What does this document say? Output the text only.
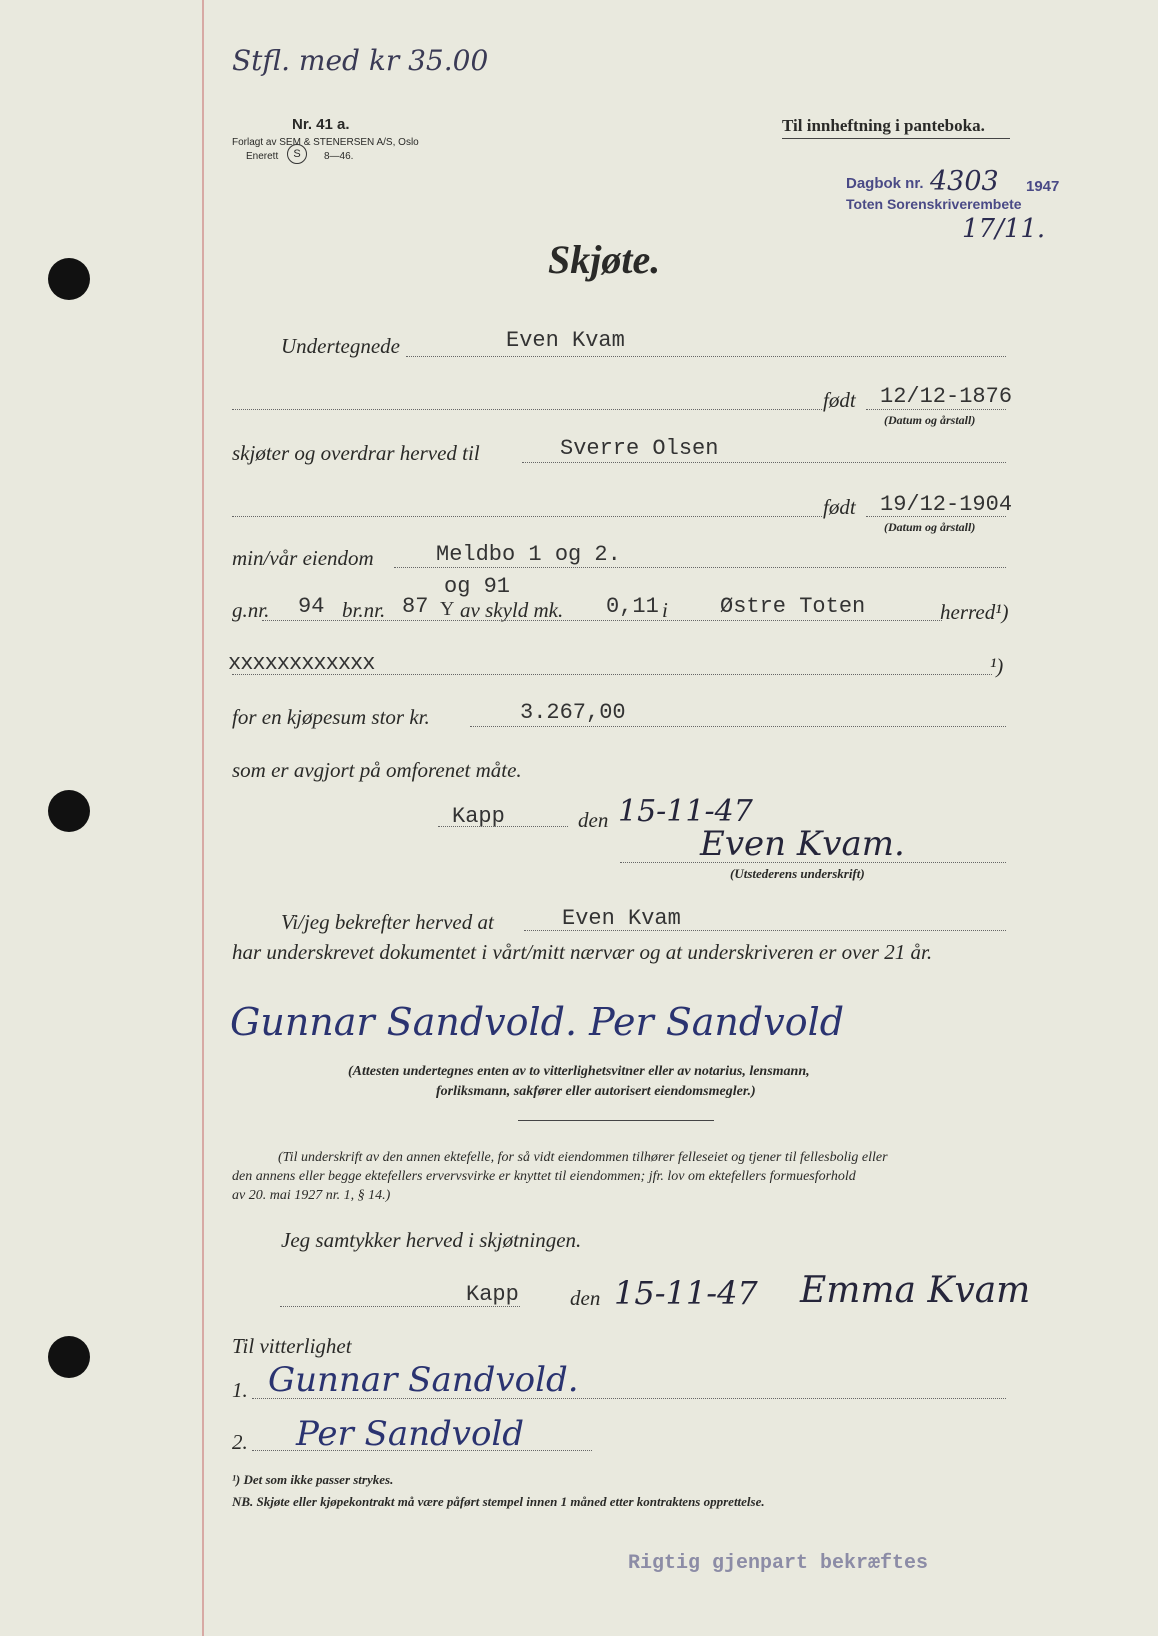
Stfl. med kr 35.00
Nr. 41 a.
Forlagt av SEM & STENERSEN A/S, Oslo
Enerett	S	8—46.
Til innheftning i panteboka.
Dagbok nr. 4303 1947
Toten Sorenskriverembete
17/11.
Skjøte.
Undertegnede	Even Kvam
født 12/12-1876
(Datum og årstall)
skjøter og overdrar herved til	Sverre Olsen
født 19/12-1904
(Datum og årstall)
min/vår eiendom	Meldbo 1 og 2.
og 91
g.nr. 94 br.nr. 87 Y av skyld mk. 0,11 i Østre Toten	herred¹)
xxxxxxxxxxxx	¹)
for en kjøpesum stor kr.	3.267,00
som er avgjort på omforenet måte.
Kapp	den 15-11-47
Even Kvam.
(Utstederens underskrift)
Vi/jeg bekrefter herved at	Even Kvam
har underskrevet dokumentet i vårt/mitt nærvær og at underskriveren er over 21 år.
Gunnar Sandvold. Per Sandvold
(Attesten undertegnes enten av to vitterlighetsvitner eller av notarius, lensmann,
forliksmann, sakfører eller autorisert eiendomsmegler.)
(Til underskrift av den annen ektefelle, for så vidt eiendommen tilhører felleseiet og tjener til fellesbolig eller
den annens eller begge ektefellers ervervsvirke er knyttet til eiendommen; jfr. lov om ektefellers formuesforhold
av 20. mai 1927 nr. 1, § 14.)
Jeg samtykker herved i skjøtningen.
Kapp den 15-11-47 Emma Kvam
Til vitterlighet
1. Gunnar Sandvold.
2. Per Sandvold
¹) Det som ikke passer strykes.
NB. Skjøte eller kjøpekontrakt må være påført stempel innen 1 måned etter kontraktens opprettelse.
Rigtig gjenpart bekræftes
